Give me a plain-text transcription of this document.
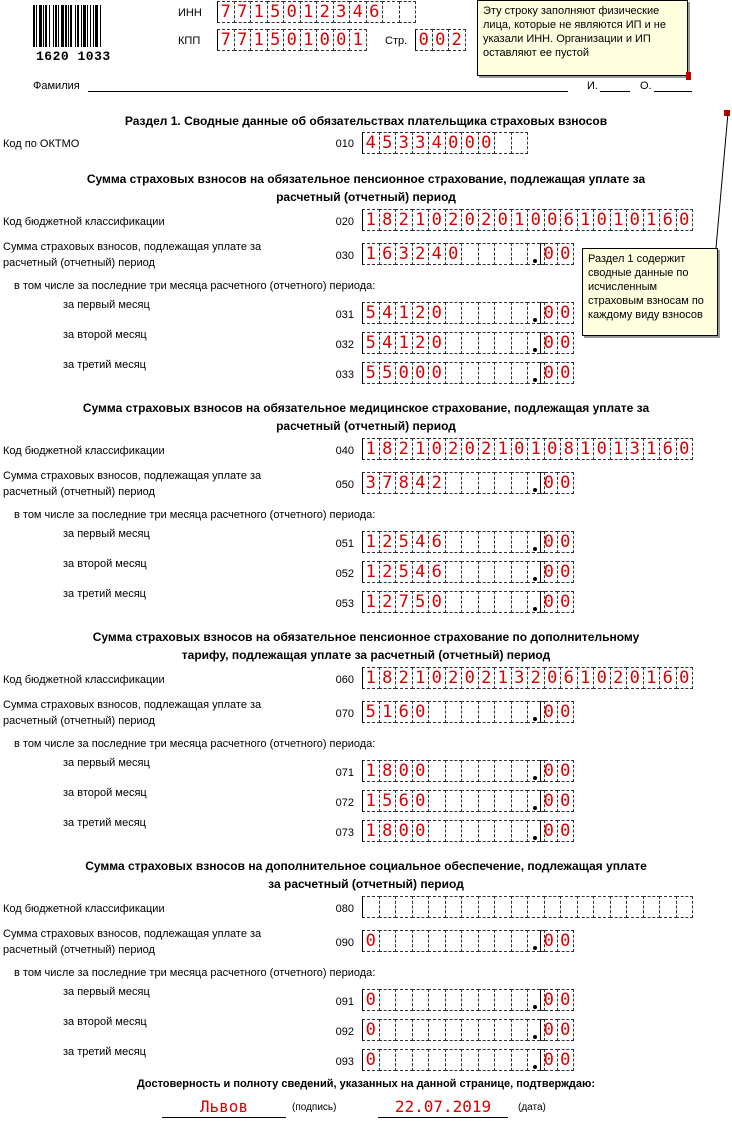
1620 1033
ИНН 7 7 1 5 0 1 2 3 4 6
КПП 7 7 1 5 0 1 0 0 1	Стр. 0 0 2
Эту строку заполняют физические лица, которые не являются ИП и не указали ИНН. Организации и ИП оставляют ее пустой
Фамилия	И.	О.
Раздел 1. Сводные данные об обязательствах плательщика страховых взносов
Код по ОКТМО	010 4 5 3 3 4 0 0 0
Сумма страховых взносов на обязательное пенсионное страхование, подлежащая уплате за расчетный (отчетный) период
Код бюджетной классификации	020 1 8 2 1 0 2 0 2 0 1 0 0 6 1 0 1 0 1 6 0
Сумма страховых взносов, подлежащая уплате за расчетный (отчетный) период
в том числе за последние три месяца расчетного (отчетного) периода:
030 1 6 3 2 4 0	0 0
за первый месяц
031 5 4 1 2 0	0 0
за второй месяц
032 5 4 1 2 0	0 0
за третий месяц
033 5 5 0 0 0	0 0
Сумма страховых взносов на обязательное медицинское страхование, подлежащая уплате за расчетный (отчетный) период
Код бюджетной классификации	040 1 8 2 1 0 2 0 2 1 0 1 0 8 1 0 1 3 1 6 0
Сумма страховых взносов, подлежащая уплате за расчетный (отчетный) период
в том числе за последние три месяца расчетного (отчетного) периода:
050 3 7 8 4 2	0 0
за первый месяц
051 1 2 5 4 6	0 0
за второй месяц
052 1 2 5 4 6	0 0
за третий месяц
053 1 2 7 5 0	0 0
Сумма страховых взносов на обязательное пенсионное страхование по дополнительному тарифу, подлежащая уплате за расчетный (отчетный) период
Код бюджетной классификации	060 1 8 2 1 0 2 0 2 1 3 2 0 6 1 0 2 0 1 6 0
Сумма страховых взносов, подлежащая уплате за расчетный (отчетный) период
в том числе за последние три месяца расчетного (отчетного) периода:
070 5 1 6 0	0 0
за первый месяц
071 1 8 0 0	0 0
за второй месяц
072 1 5 6 0	0 0
за третий месяц
073 1 8 0 0	0 0
Сумма страховых взносов на дополнительное социальное обеспечение, подлежащая уплате за расчетный (отчетный) период
Код бюджетной классификации	080
Сумма страховых взносов, подлежащая уплате за расчетный (отчетный) период
в том числе за последние три месяца расчетного (отчетного) периода:
090 0	0 0
за первый месяц
091 0	0 0
за второй месяц
092 0	0 0
за третий месяц
093 0	0 0
Раздел 1 содержит сводные данные по исчисленным страховым взносам по каждому виду взносов
Достоверность и полноту сведений, указанных на данной странице, подтверждаю:
Львов	(подпись)	22.07.2019	(дата)
